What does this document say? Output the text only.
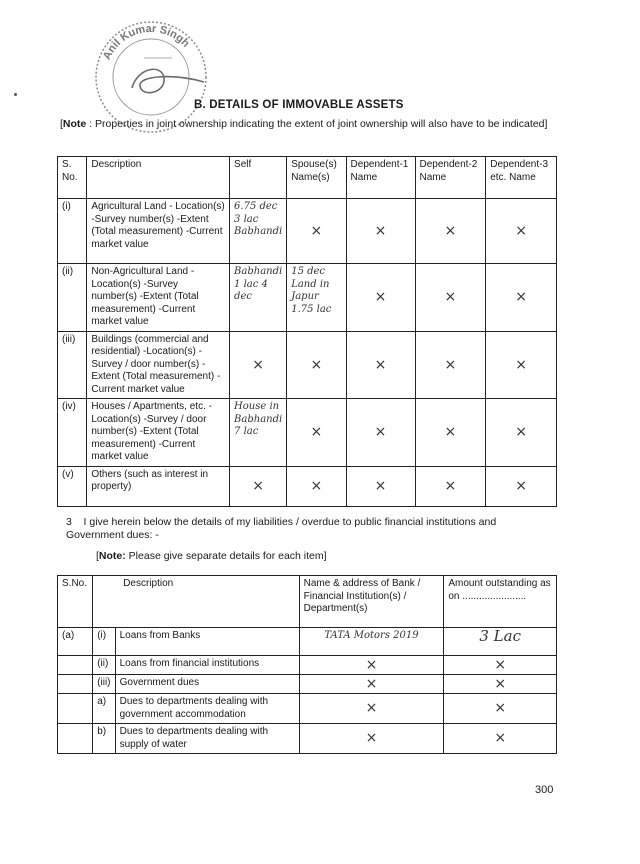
Anil Kumar Singh
B. DETAILS OF IMMOVABLE ASSETS
[Note : Properties in joint ownership indicating the extent of joint ownership will also have to be indicated]
S. No.	Description	Self	Spouse(s) Name(s)	Dependent-1 Name	Dependent-2 Name	Dependent-3 etc. Name
(i)	Agricultural Land - Location(s) -Survey number(s) -Extent (Total measurement) -Current market value	6.75 dec 3 lac Babhandi	×	×	×	×
(ii)	Non-Agricultural Land - Location(s) -Survey number(s) -Extent (Total measurement) -Current market value	Babhandi 1 lac 4 dec	15 dec Land in Japur 1.75 lac	×	×	×
(iii)	Buildings (commercial and residential) -Location(s) -Survey / door number(s) -Extent (Total measurement) -Current market value	×	×	×	×	×
(iv)	Houses / Apartments, etc. - Location(s) -Survey / door number(s) -Extent (Total measurement) -Current market value	House in Babhandi 7 lac	×	×	×	×
(v)	Others (such as interest in property)	×	×	×	×	×
3 I give herein below the details of my liabilities / overdue to public financial institutions and Government dues: -
[Note: Please give separate details for each item]
S.No.	Description		Name & address of Bank / Financial Institution(s) / Department(s)	Amount outstanding as on .......................
(a)	(i)	Loans from Banks	TATA Motors 2019	3 Lac
	(ii)	Loans from financial institutions	×	×
	(iii)	Government dues	×	×
	a)	Dues to departments dealing with government accommodation	×	×
	b)	Dues to departments dealing with supply of water	×	×
300
